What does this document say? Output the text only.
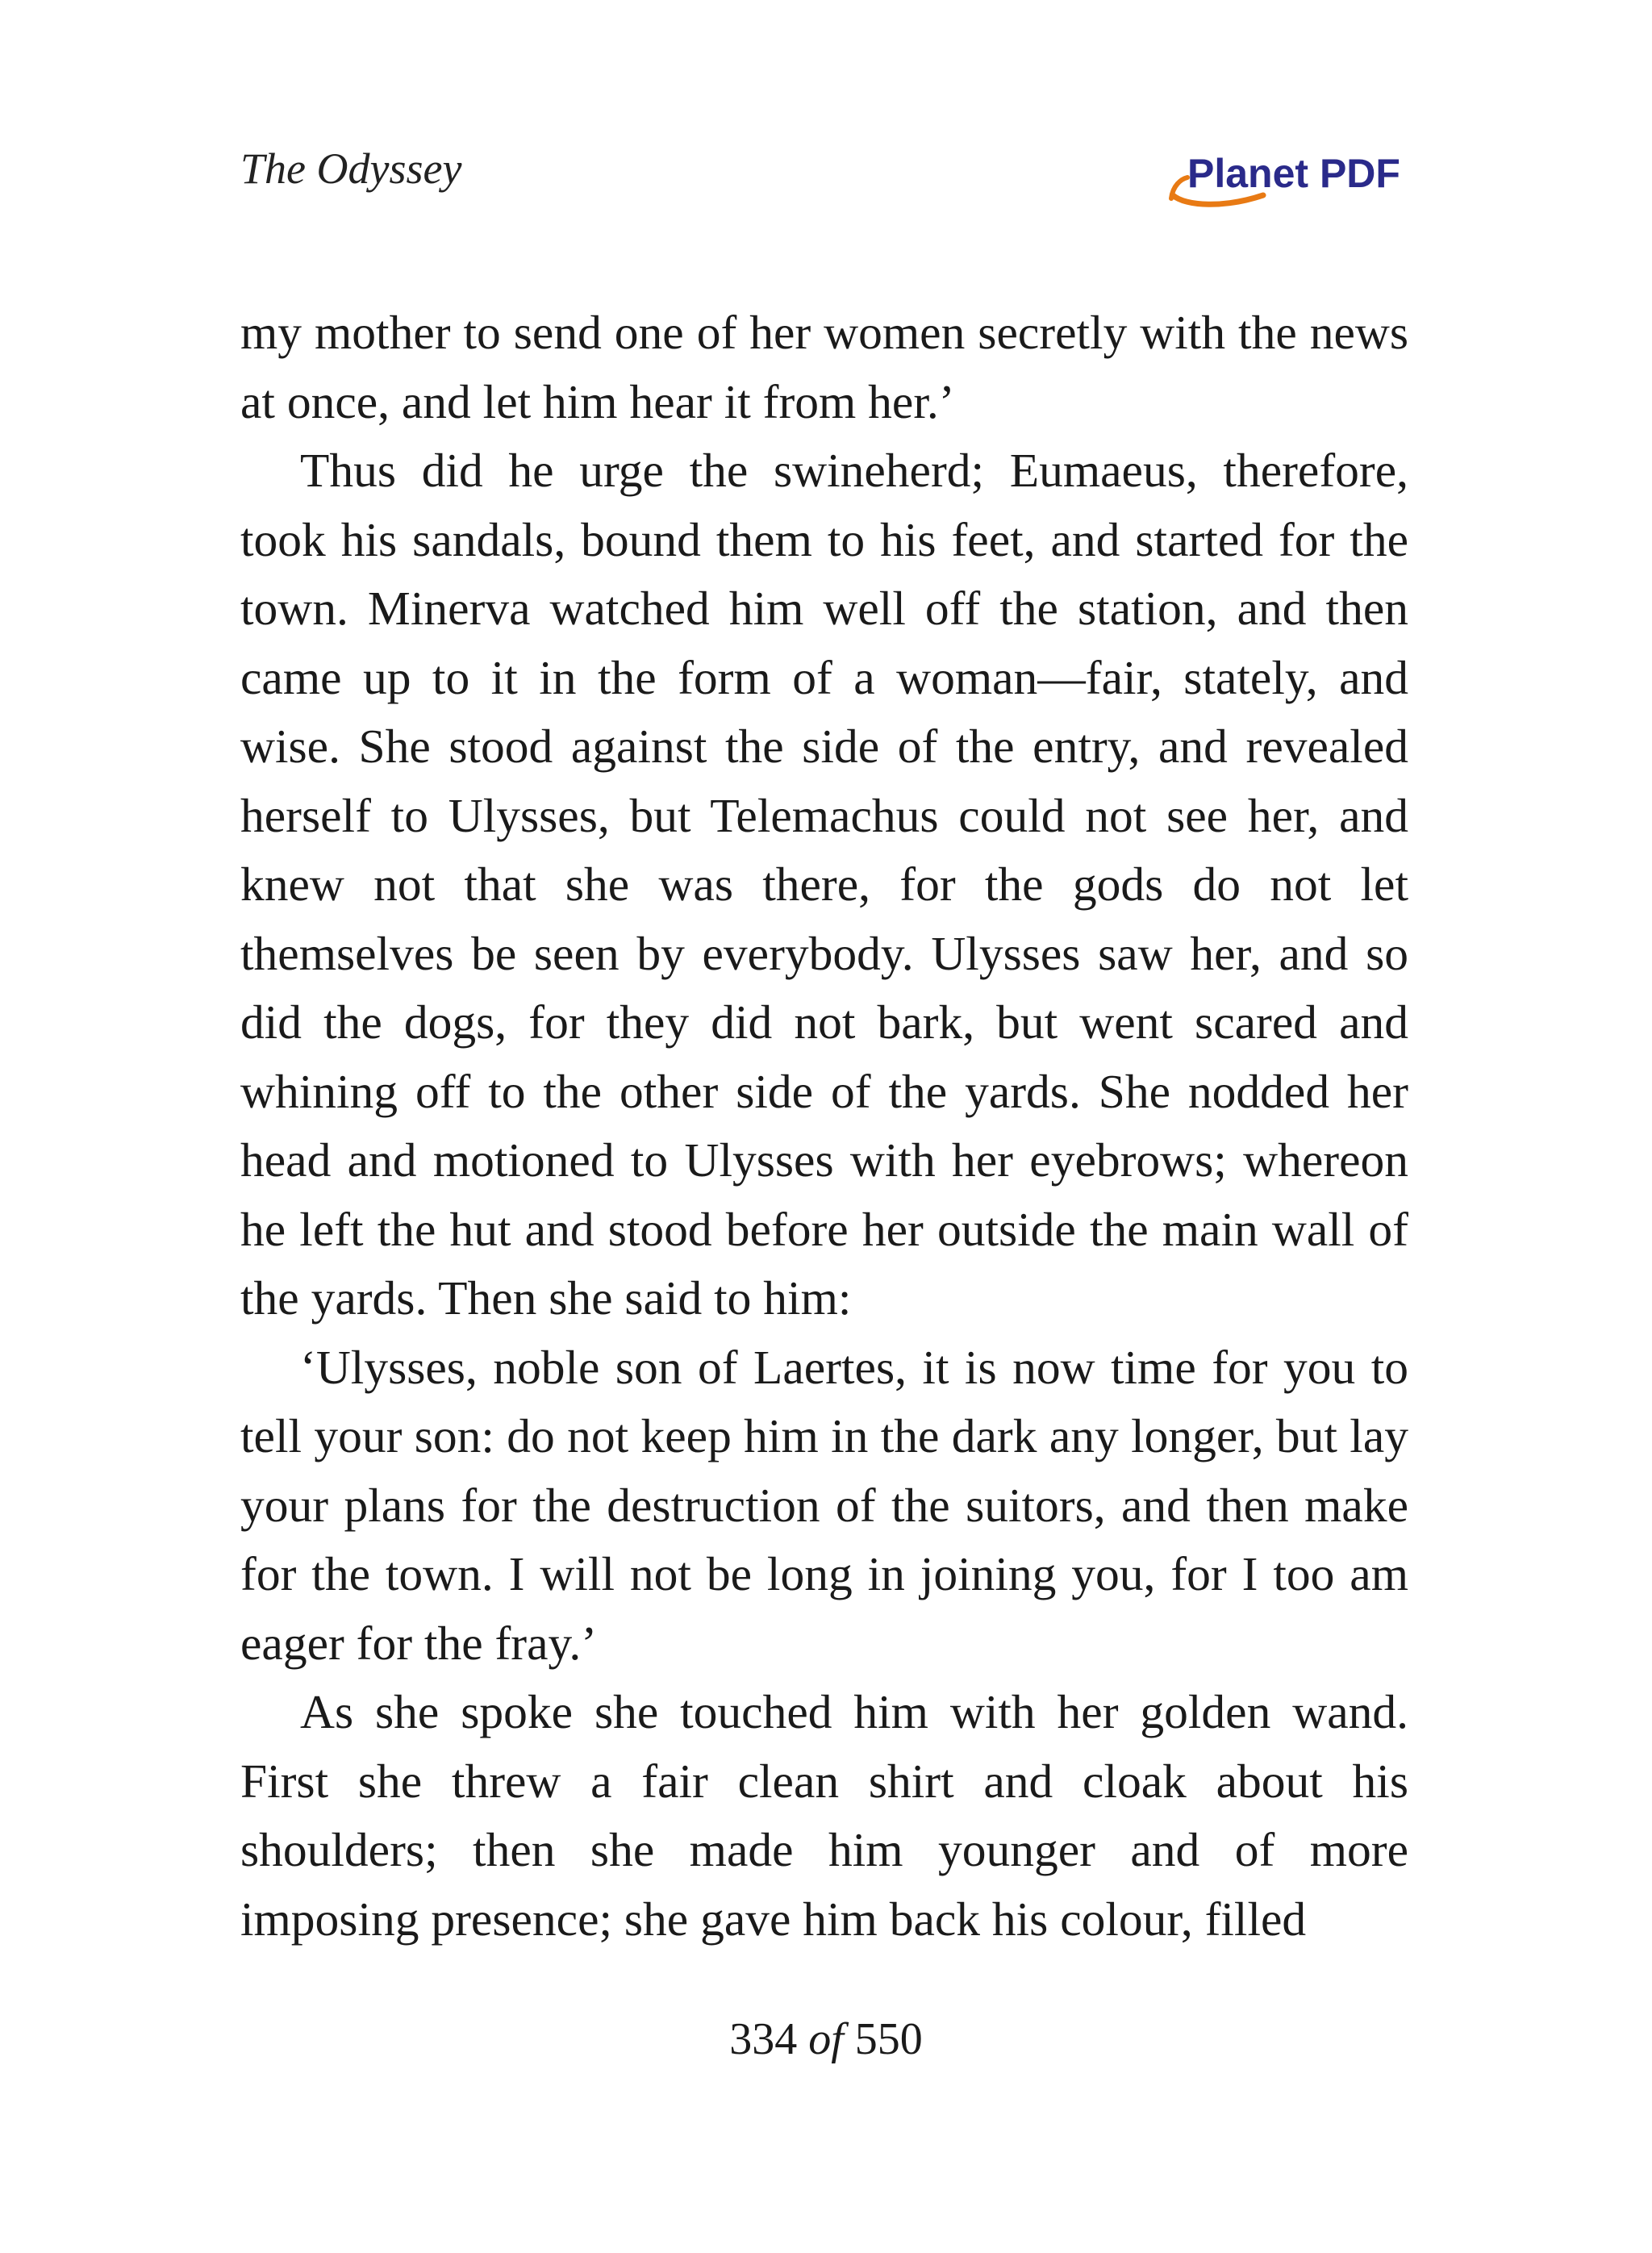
The Odyssey	Planet PDF

my mother to send one of her women secretly with the news at once, and let him hear it from her.’

Thus did he urge the swineherd; Eumaeus, therefore, took his sandals, bound them to his feet, and started for the town. Minerva watched him well off the station, and then came up to it in the form of a woman—fair, stately, and wise. She stood against the side of the entry, and revealed herself to Ulysses, but Telemachus could not see her, and knew not that she was there, for the gods do not let themselves be seen by everybody. Ulysses saw her, and so did the dogs, for they did not bark, but went scared and whining off to the other side of the yards. She nodded her head and motioned to Ulysses with her eyebrows; whereon he left the hut and stood before her outside the main wall of the yards. Then she said to him:

‘Ulysses, noble son of Laertes, it is now time for you to tell your son: do not keep him in the dark any longer, but lay your plans for the destruction of the suitors, and then make for the town. I will not be long in joining you, for I too am eager for the fray.’

As she spoke she touched him with her golden wand. First she threw a fair clean shirt and cloak about his shoulders; then she made him younger and of more imposing presence; she gave him back his colour, filled

334 of 550
